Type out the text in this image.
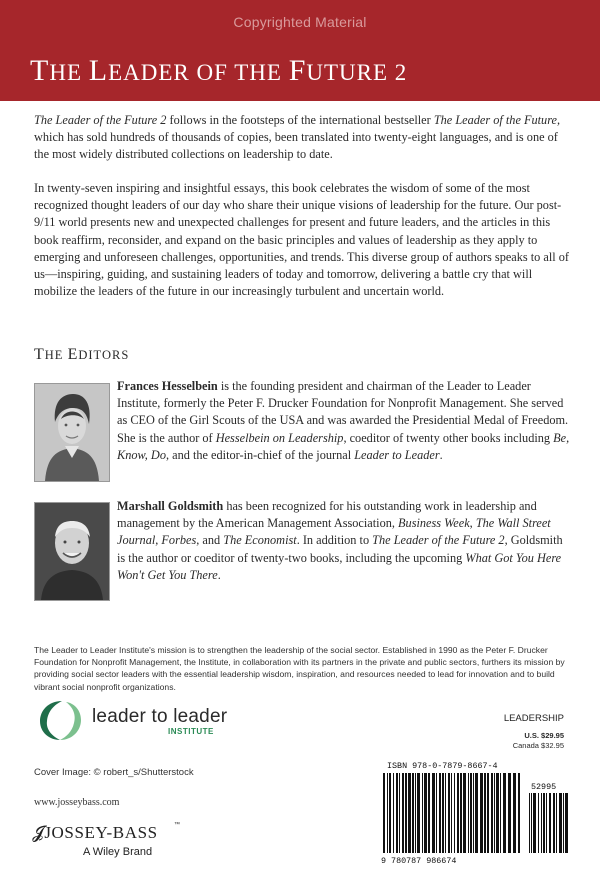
Copyrighted Material
THE LEADER OF THE FUTURE 2

The Leader of the Future 2 follows in the footsteps of the international bestseller The Leader of the Future, which has sold hundreds of thousands of copies, been translated into twenty-eight languages, and is one of the most widely distributed collections on leadership to date.

In twenty-seven inspiring and insightful essays, this book celebrates the wisdom of some of the most recognized thought leaders of our day who share their unique visions of leadership for the future. Our post-9/11 world presents new and unexpected challenges for present and future leaders, and the articles in this book reaffirm, reconsider, and expand on the basic principles and values of leadership as they apply to emerging and unforeseen challenges, opportunities, and trends. This diverse group of authors speaks to all of us—inspiring, guiding, and sustaining leaders of today and tomorrow, delivering a battle cry that will mobilize the leaders of the future in our increasingly turbulent and uncertain world.

THE EDITORS

Frances Hesselbein is the founding president and chairman of the Leader to Leader Institute, formerly the Peter F. Drucker Foundation for Nonprofit Management. She served as CEO of the Girl Scouts of the USA and was awarded the Presidential Medal of Freedom. She is the author of Hesselbein on Leadership, coeditor of twenty other books including Be, Know, Do, and the editor-in-chief of the journal Leader to Leader.

Marshall Goldsmith has been recognized for his outstanding work in leadership and management by the American Management Association, Business Week, The Wall Street Journal, Forbes, and The Economist. In addition to The Leader of the Future 2, Goldsmith is the author or coeditor of twenty-two books, including the upcoming What Got You Here Won't Get You There.

The Leader to Leader Institute's mission is to strengthen the leadership of the social sector. Established in 1990 as the Peter F. Drucker Foundation for Nonprofit Management, the Institute, in collaboration with its partners in the private and public sectors, furthers its mission by providing social sector leaders with the essential leadership wisdom, inspiration, and resources needed to lead for innovation and to build vibrant social nonprofit organizations.

leader to leader
INSTITUTE
LEADERSHIP
U.S. $29.95
Canada $32.95
Cover Image: © robert_s/Shutterstock
www.josseybass.com
𝓙JOSSEY-BASS	™
A Wiley Brand
ISBN 978-0-7879-8667-4
52995
9 780787 986674
